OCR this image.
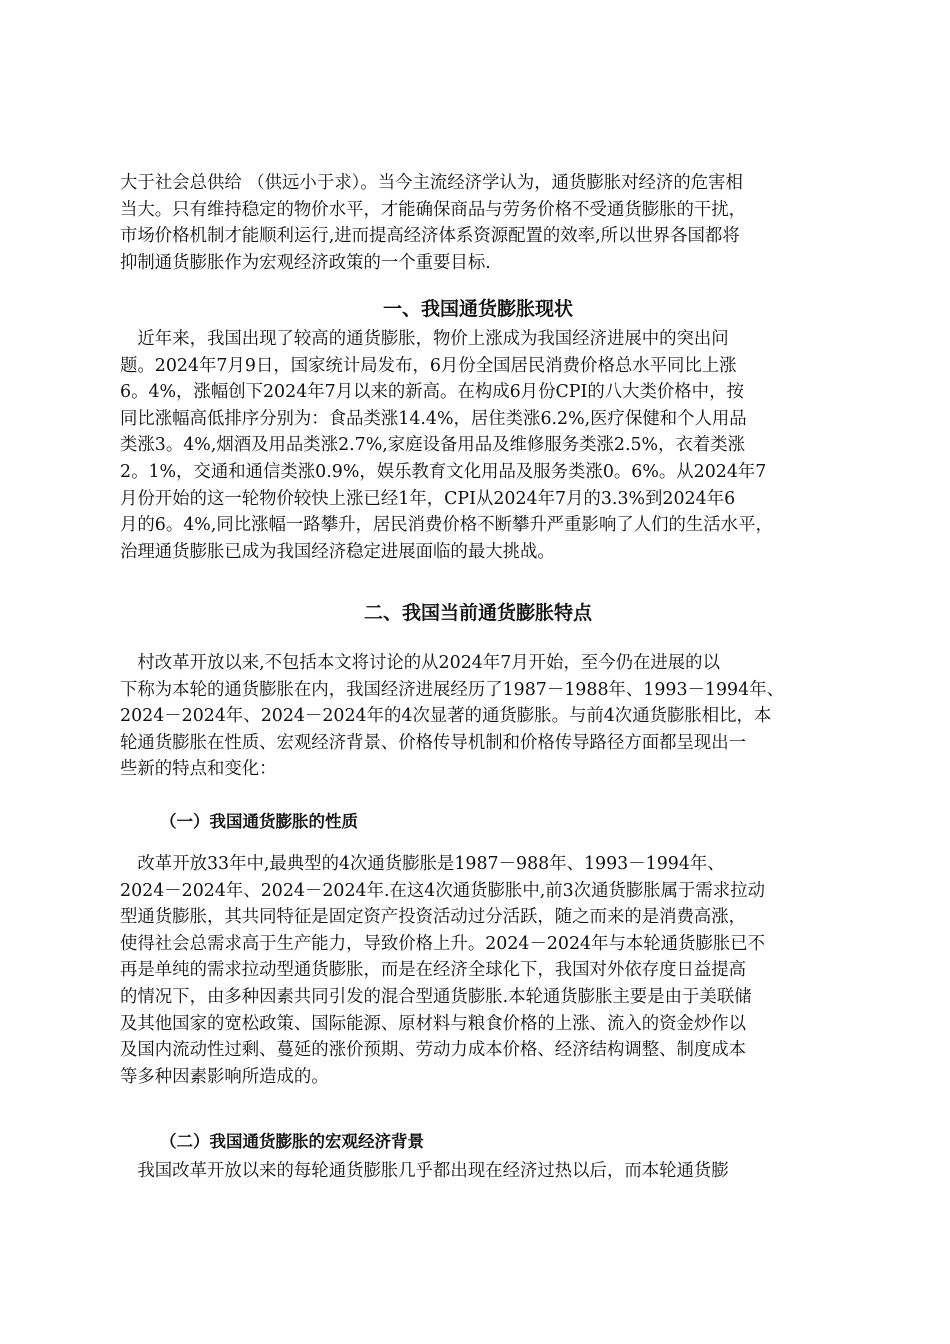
大于社会总供给 （供远小于求）。当今主流经济学认为，通货膨胀对经济的危害相
当大。只有维持稳定的物价水平，才能确保商品与劳务价格不受通货膨胀的干扰，
市场价格机制才能顺利运行,进而提高经济体系资源配置的效率,所以世界各国都将
抑制通货膨胀作为宏观经济政策的一个重要目标.
一、我国通货膨胀现状
　近年来，我国出现了较高的通货膨胀，物价上涨成为我国经济进展中的突出问
题。2024年7月9日，国家统计局发布，6月份全国居民消费价格总水平同比上涨
6。4%，涨幅创下2024年7月以来的新高。在构成6月份CPI的八大类价格中，按
同比涨幅高低排序分别为：食品类涨14.4%，居住类涨6.2%,医疗保健和个人用品
类涨3。4%,烟酒及用品类涨2.7%,家庭设备用品及维修服务类涨2.5%，衣着类涨
2。1%，交通和通信类涨0.9%，娱乐教育文化用品及服务类涨0。6%。从2024年7
月份开始的这一轮物价较快上涨已经1年，CPI从2024年7月的3.3%到2024年6
月的6。4%,同比涨幅一路攀升，居民消费价格不断攀升严重影响了人们的生活水平，
治理通货膨胀已成为我国经济稳定进展面临的最大挑战。
二、我国当前通货膨胀特点
　村改革开放以来,不包括本文将讨论的从2024年7月开始，至今仍在进展的以
下称为本轮的通货膨胀在内，我国经济进展经历了1987－1988年、1993－1994年、
2024－2024年、2024－2024年的4次显著的通货膨胀。与前4次通货膨胀相比，本
轮通货膨胀在性质、宏观经济背景、价格传导机制和价格传导路径方面都呈现出一
些新的特点和变化：
（一）我国通货膨胀的性质
　改革开放33年中,最典型的4次通货膨胀是1987－988年、1993－1994年、
2024－2024年、2024－2024年.在这4次通货膨胀中,前3次通货膨胀属于需求拉动
型通货膨胀，其共同特征是固定资产投资活动过分活跃，随之而来的是消费高涨，
使得社会总需求高于生产能力，导致价格上升。2024－2024年与本轮通货膨胀已不
再是单纯的需求拉动型通货膨胀，而是在经济全球化下，我国对外依存度日益提高
的情况下，由多种因素共同引发的混合型通货膨胀.本轮通货膨胀主要是由于美联储
及其他国家的宽松政策、国际能源、原材料与粮食价格的上涨、流入的资金炒作以
及国内流动性过剩、蔓延的涨价预期、劳动力成本价格、经济结构调整、制度成本
等多种因素影响所造成的。
（二）我国通货膨胀的宏观经济背景
　我国改革开放以来的每轮通货膨胀几乎都出现在经济过热以后，而本轮通货膨
